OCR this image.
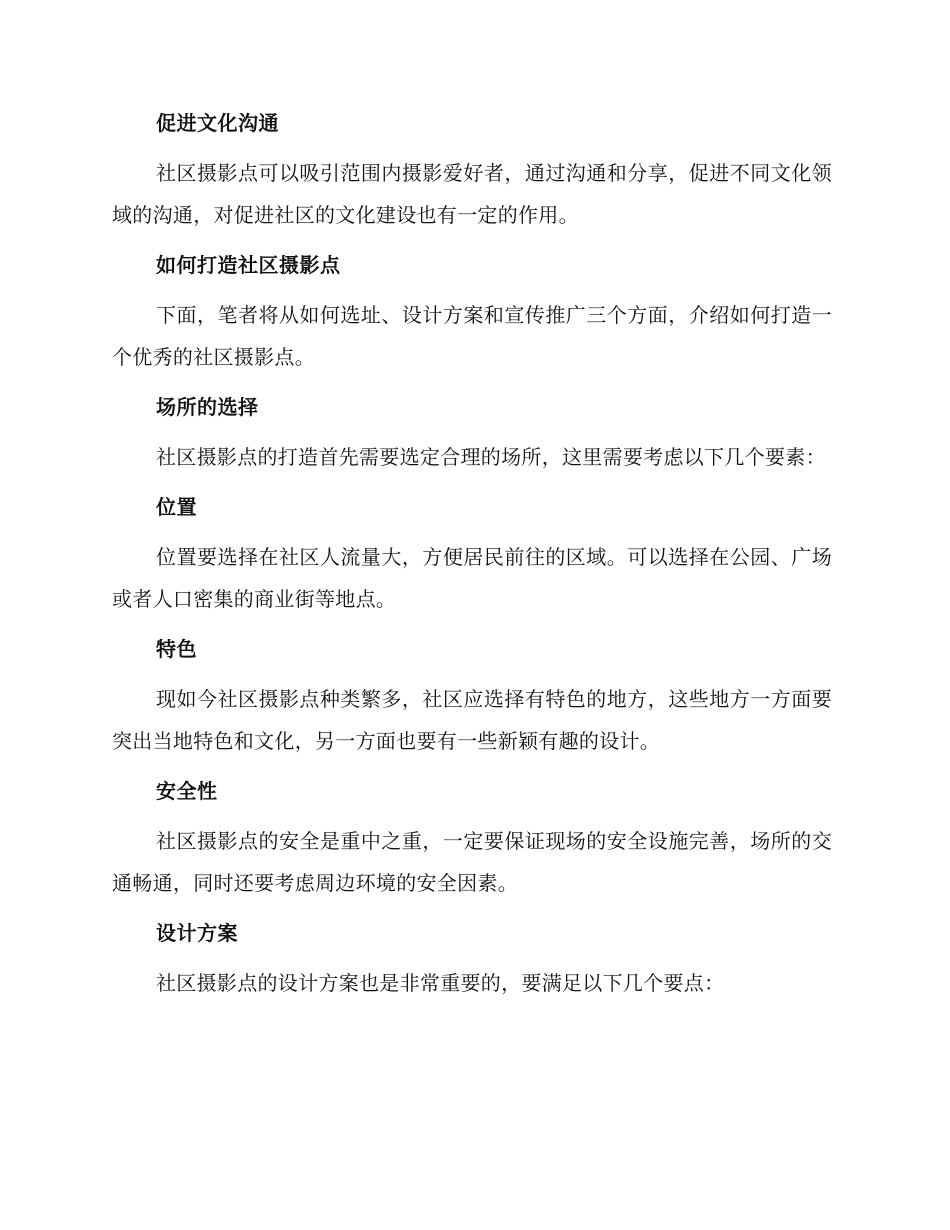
促进文化沟通

社区摄影点可以吸引范围内摄影爱好者，通过沟通和分享，促进不同文化领域的沟通，对促进社区的文化建设也有一定的作用。

如何打造社区摄影点

下面，笔者将从如何选址、设计方案和宣传推广三个方面，介绍如何打造一个优秀的社区摄影点。

场所的选择

社区摄影点的打造首先需要选定合理的场所，这里需要考虑以下几个要素：

位置

位置要选择在社区人流量大，方便居民前往的区域。可以选择在公园、广场或者人口密集的商业街等地点。

特色

现如今社区摄影点种类繁多，社区应选择有特色的地方，这些地方一方面要突出当地特色和文化，另一方面也要有一些新颖有趣的设计。

安全性

社区摄影点的安全是重中之重，一定要保证现场的安全设施完善，场所的交通畅通，同时还要考虑周边环境的安全因素。

设计方案

社区摄影点的设计方案也是非常重要的，要满足以下几个要点：
